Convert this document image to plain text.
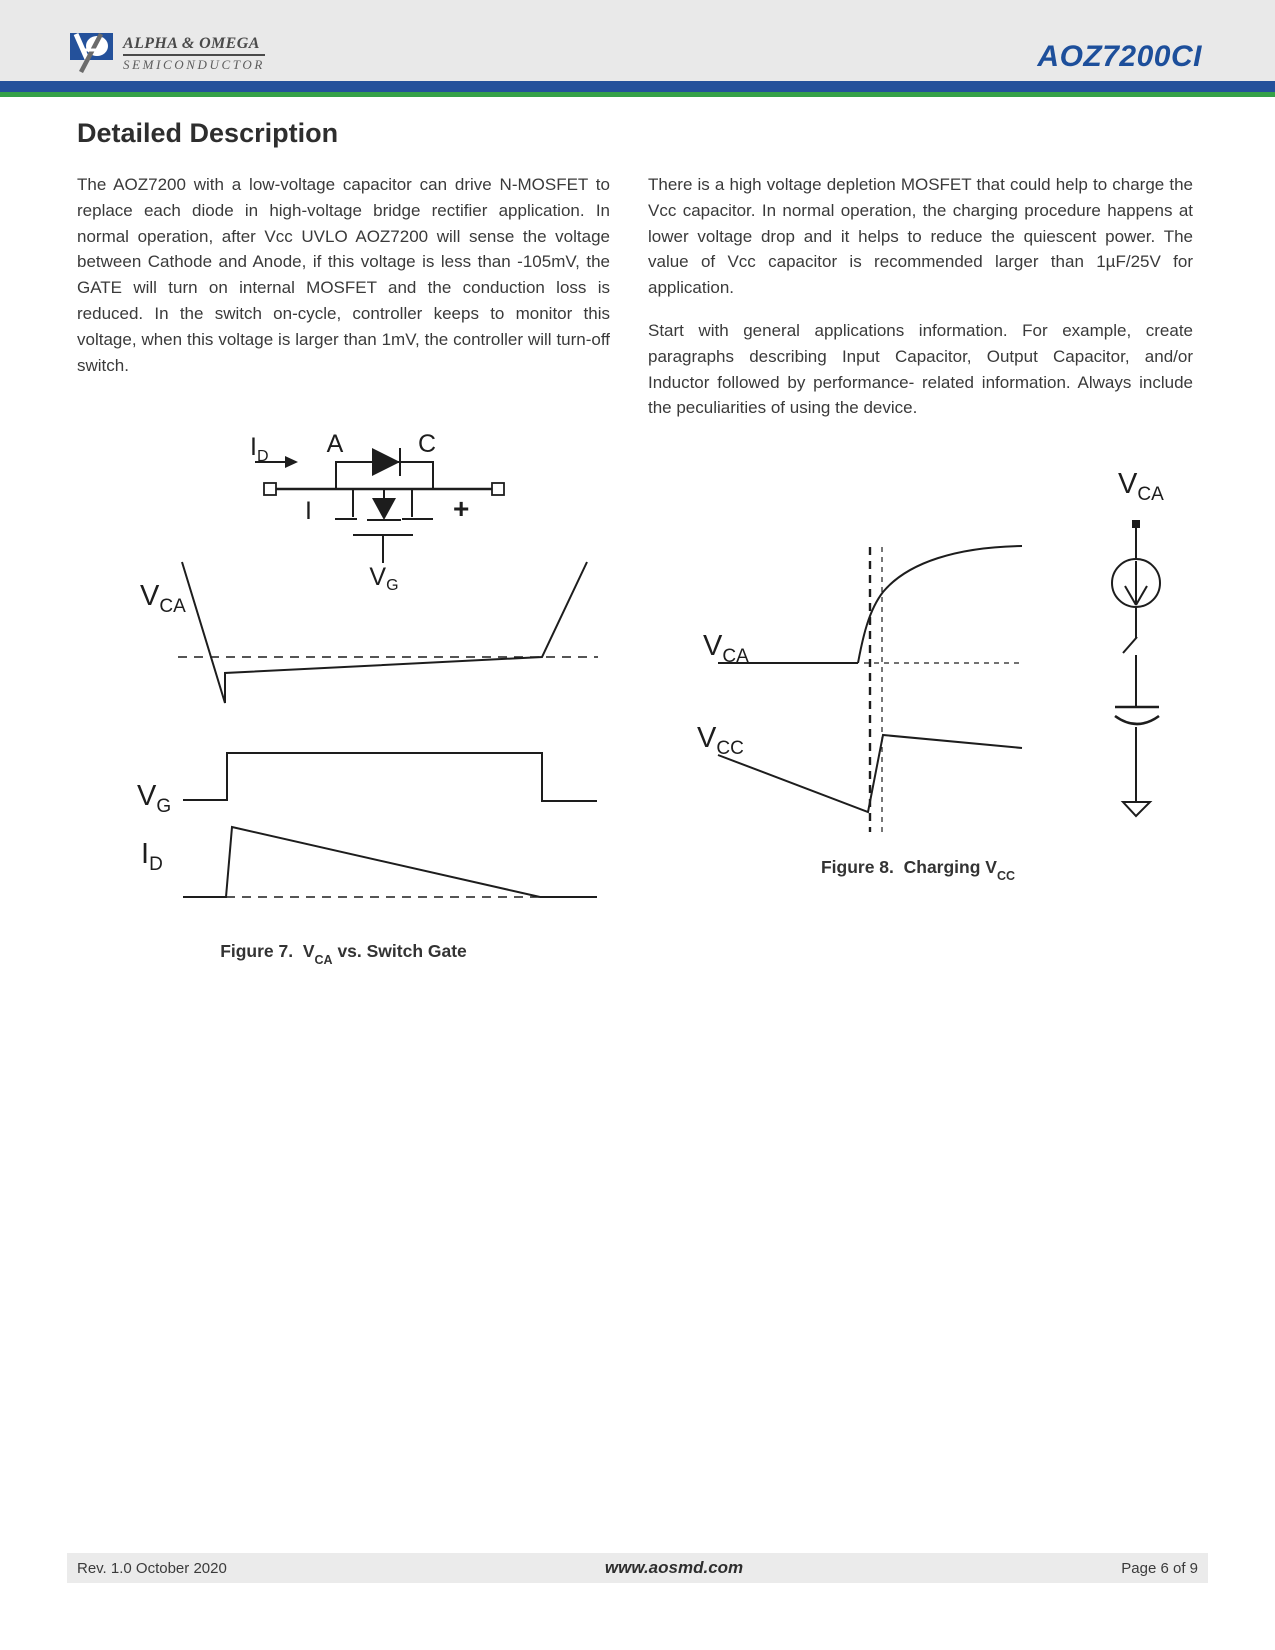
ALPHA & OMEGA
SEMICONDUCTOR	AOZ7200CI
Detailed Description

The AOZ7200 with a low-voltage capacitor can drive N-MOSFET to replace each diode in high-voltage bridge rectifier application. In normal operation, after Vcc UVLO AOZ7200 will sense the voltage between Cathode and Anode, if this voltage is less than -105mV, the GATE will turn on internal MOSFET and the conduction loss is reduced. In the switch on-cycle, controller keeps to monitor this voltage, when this voltage is larger than 1mV, the controller will turn-off switch.

There is a high voltage depletion MOSFET that could help to charge the Vcc capacitor. In normal operation, the charging procedure happens at lower voltage drop and it helps to reduce the quiescent power. The value of Vcc capacitor is recommended larger than 1µF/25V for application.

Start with general applications information. For example, create paragraphs describing Input Capacitor, Output Capacitor, and/or Inductor followed by performance- related information. Always include the peculiarities of using the device.

$I_D$ A	C
I	+
$V_G$
$V_{CA}$
$V_G$
$I_D$
Figure 7.  $V_{CA}$ vs. Switch Gate
$V_{CA}$
$V_{CC}$
$V_{CA}$
Figure 8.  Charging $V_{CC}$
Rev. 1.0 October 2020	www.aosmd.com	Page 6 of 9
